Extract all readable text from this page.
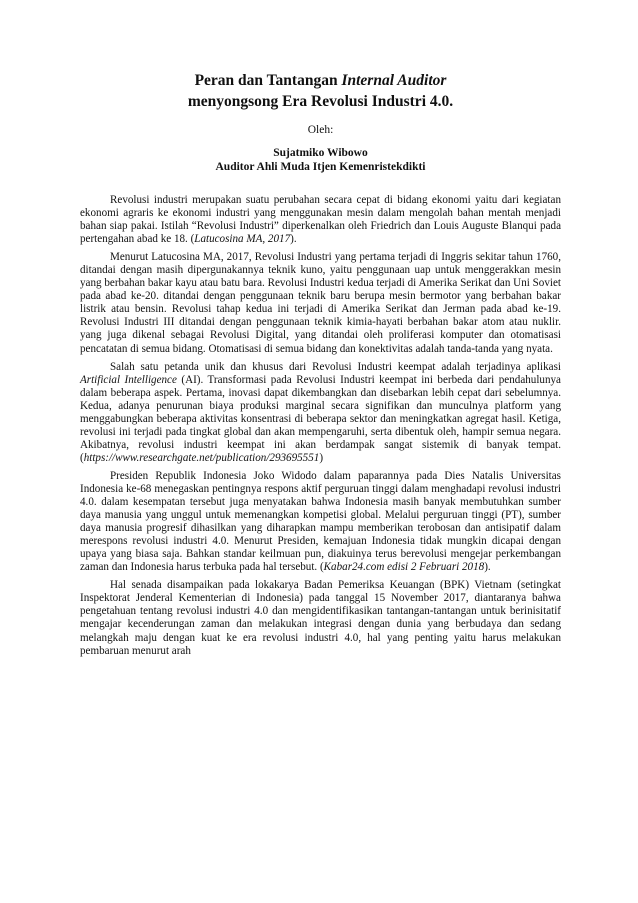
Peran dan Tantangan Internal Auditor
menyongsong Era Revolusi Industri 4.0.
Oleh:
Sujatmiko Wibowo
Auditor Ahli Muda Itjen Kemenristekdikti

Revolusi industri merupakan suatu perubahan secara cepat di bidang ekonomi yaitu dari kegiatan ekonomi agraris ke ekonomi industri yang menggunakan mesin dalam mengolah bahan mentah menjadi bahan siap pakai. Istilah “Revolusi Industri” diperkenalkan oleh Friedrich dan Louis Auguste Blanqui pada pertengahan abad ke 18. (Latucosina MA, 2017).

Menurut Latucosina MA, 2017, Revolusi Industri yang pertama terjadi di Inggris sekitar tahun 1760, ditandai dengan masih dipergunakannya teknik kuno, yaitu penggunaan uap untuk menggerakkan mesin yang berbahan bakar kayu atau batu bara. Revolusi Industri kedua terjadi di Amerika Serikat dan Uni Soviet pada abad ke-20. ditandai dengan penggunaan teknik baru berupa mesin bermotor yang berbahan bakar listrik atau bensin. Revolusi tahap kedua ini terjadi di Amerika Serikat dan Jerman pada abad ke-19. Revolusi Industri III ditandai dengan penggunaan teknik kimia-hayati berbahan bakar atom atau nuklir. yang juga dikenal sebagai Revolusi Digital, yang ditandai oleh proliferasi komputer dan otomatisasi pencatatan di semua bidang. Otomatisasi di semua bidang dan konektivitas adalah tanda-tanda yang nyata.

Salah satu petanda unik dan khusus dari Revolusi Industri keempat adalah terjadinya aplikasi Artificial Intelligence (AI). Transformasi pada Revolusi Industri keempat ini berbeda dari pendahulunya dalam beberapa aspek. Pertama, inovasi dapat dikembangkan dan disebarkan lebih cepat dari sebelumnya. Kedua, adanya penurunan biaya produksi marginal secara signifikan dan munculnya platform yang menggabungkan beberapa aktivitas konsentrasi di beberapa sektor dan meningkatkan agregat hasil. Ketiga, revolusi ini terjadi pada tingkat global dan akan mempengaruhi, serta dibentuk oleh, hampir semua negara. Akibatnya, revolusi industri keempat ini akan berdampak sangat sistemik di banyak tempat. (https://www.researchgate.net/publication/293695551)

Presiden Republik Indonesia Joko Widodo dalam paparannya pada Dies Natalis Universitas Indonesia ke-68 menegaskan pentingnya respons aktif perguruan tinggi dalam menghadapi revolusi industri 4.0. dalam kesempatan tersebut juga menyatakan bahwa Indonesia masih banyak membutuhkan sumber daya manusia yang unggul untuk memenangkan kompetisi global. Melalui perguruan tinggi (PT), sumber daya manusia progresif dihasilkan yang diharapkan mampu memberikan terobosan dan antisipatif dalam merespons revolusi industri 4.0. Menurut Presiden, kemajuan Indonesia tidak mungkin dicapai dengan upaya yang biasa saja. Bahkan standar keilmuan pun, diakuinya terus berevolusi mengejar perkembangan zaman dan Indonesia harus terbuka pada hal tersebut. (Kabar24.com edisi 2 Februari 2018).

Hal senada disampaikan pada lokakarya Badan Pemeriksa Keuangan (BPK) Vietnam (setingkat Inspektorat Jenderal Kementerian di Indonesia) pada tanggal 15 November 2017, diantaranya bahwa pengetahuan tentang revolusi industri 4.0 dan mengidentifikasikan tantangan-tantangan untuk berinisitatif mengajar kecenderungan zaman dan melakukan integrasi dengan dunia yang berbudaya dan sedang melangkah maju dengan kuat ke era revolusi industri 4.0, hal yang penting yaitu harus melakukan pembaruan menurut arah
